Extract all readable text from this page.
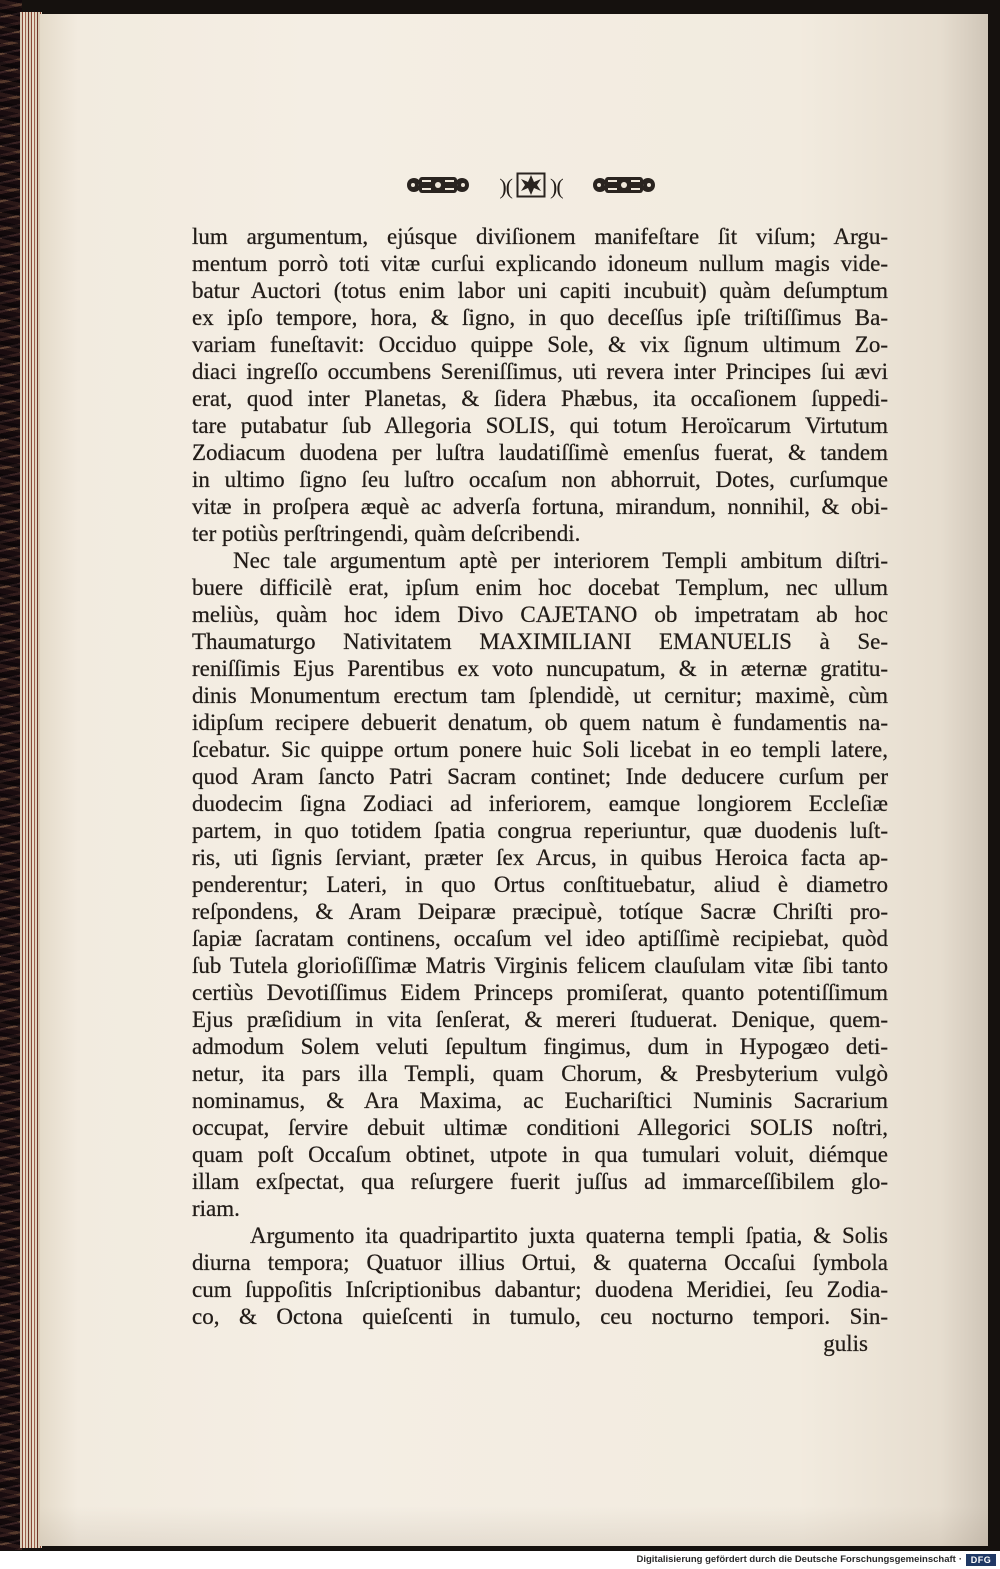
)( )(
lum argumentum, ejúsque diviſionem manifeſtare ſit viſum; Argu-
mentum porrò toti vitæ curſui explicando idoneum nullum magis vide-
batur Auctori (totus enim labor uni capiti incubuit) quàm deſumptum
ex ipſo tempore, hora, & ſigno, in quo deceſſus ipſe triſtiſſimus Ba-
variam funeſtavit: Occiduo quippe Sole, & vix ſignum ultimum Zo-
diaci ingreſſo occumbens Sereniſſimus, uti revera inter Principes ſui ævi
erat, quod inter Planetas, & ſidera Phæbus, ita occaſionem ſuppedi-
tare putabatur ſub Allegoria SOLIS, qui totum Heroïcarum Virtutum
Zodiacum duodena per luſtra laudatiſſimè emenſus fuerat, & tandem
in ultimo ſigno ſeu luſtro occaſum non abhorruit, Dotes, curſumque
vitæ in proſpera æquè ac adverſa fortuna, mirandum, nonnihil, & obi-
ter potiùs perſtringendi, quàm deſcribendi.
Nec tale argumentum aptè per interiorem Templi ambitum diſtri-
buere difficilè erat, ipſum enim hoc docebat Templum, nec ullum
meliùs, quàm hoc idem Divo CAJETANO ob impetratam ab hoc
Thaumaturgo Nativitatem MAXIMILIANI EMANUELIS à Se-
reniſſimis Ejus Parentibus ex voto nuncupatum, & in æternæ gratitu-
dinis Monumentum erectum tam ſplendidè, ut cernitur; maximè, cùm
idipſum recipere debuerit denatum, ob quem natum è fundamentis na-
ſcebatur. Sic quippe ortum ponere huic Soli licebat in eo templi latere,
quod Aram ſancto Patri Sacram continet; Inde deducere curſum per
duodecim ſigna Zodiaci ad inferiorem, eamque longiorem Eccleſiæ
partem, in quo totidem ſpatia congrua reperiuntur, quæ duodenis luſt-
ris, uti ſignis ſerviant, præter ſex Arcus, in quibus Heroica facta ap-
penderentur; Lateri, in quo Ortus conſtituebatur, aliud è diametro
reſpondens, & Aram Deiparæ præcipuè, totíque Sacræ Chriſti pro-
ſapiæ ſacratam continens, occaſum vel ideo aptiſſimè recipiebat, quòd
ſub Tutela glorioſiſſimæ Matris Virginis felicem clauſulam vitæ ſibi tanto
certiùs Devotiſſimus Eidem Princeps promiſerat, quanto potentiſſimum
Ejus præſidium in vita ſenſerat, & mereri ſtuduerat. Denique, quem-
admodum Solem veluti ſepultum fingimus, dum in Hypogæo deti-
netur, ita pars illa Templi, quam Chorum, & Presbyterium vulgò
nominamus, & Ara Maxima, ac Euchariſtici Numinis Sacrarium
occupat, ſervire debuit ultimæ conditioni Allegorici SOLIS noſtri,
quam poſt Occaſum obtinet, utpote in qua tumulari voluit, diémque
illam exſpectat, qua reſurgere fuerit juſſus ad immarceſſibilem glo-
riam.
Argumento ita quadripartito juxta quaterna templi ſpatia, & Solis
diurna tempora; Quatuor illius Ortui, & quaterna Occaſui ſymbola
cum ſuppoſitis Inſcriptionibus dabantur; duodena Meridiei, ſeu Zodia-
co, & Octona quieſcenti in tumulo, ceu nocturno tempori. Sin-
gulis
Digitalisierung gefördert durch die Deutsche Forschungsgemeinschaft · DFG
